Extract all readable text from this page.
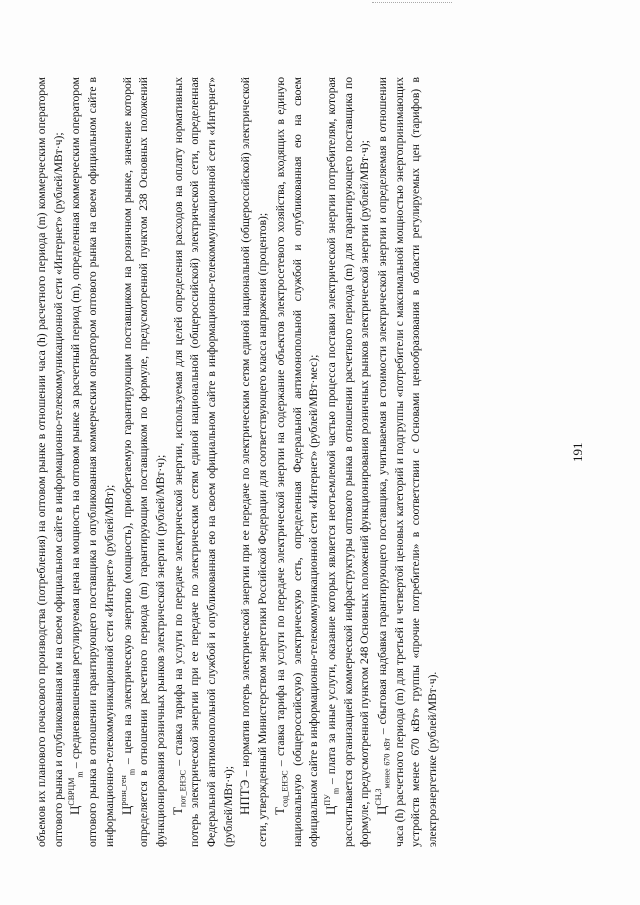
191

объемов их планового почасового производства (потребления) на оптовом рынке в отношении часа (h) расчетного периода (m) коммерческим оператором оптового рынка и опубликованная им на своем официальном сайте в информационно-телекоммуникационной сети «Интернет» (рублей/МВт·ч); $Ц^{СВРЦМ}_m$ – средневзвешенная регулируемая цена на мощность на оптовом рынке за расчетный период (m), определенная коммерческим оператором оптового рынка в отношении гарантирующего поставщика и опубликованная коммерческим оператором оптового рынка на своем официальном сайте в информационно-телекоммуникационной сети «Интернет» (рублей/МВт); $Ц^{розн\_ген}_m$ – цена на электрическую энергию (мощность), приобретаемую гарантирующим поставщиком на розничном рынке, значение которой определяется в отношении расчетного периода (m) гарантирующим поставщиком по формуле, предусмотренной пунктом 238 Основных положений функционирования розничных рынков электрической энергии (рублей/МВт·ч); $Т_{пот\_ЕНЭС}$ – ставка тарифа на услуги по передаче электрической энергии, используемая для целей определения расходов на оплату нормативных потерь электрической энергии при ее передаче по электрическим сетям единой национальной (общероссийской) электрической сети, определенная Федеральной антимонопольной службой и опубликованная ею на своем официальном сайте в информационно-телекоммуникационной сети «Интернет» (рублей/МВт·ч); НПТЭ – норматив потерь электрической энергии при ее передаче по электрическим сетям единой национальной (общероссийской) электрической сети, утвержденный Министерством энергетики Российской Федерации для соответствующего класса напряжения (процентов); $Т_{сод\_ЕНЭС}$ – ставка тарифа на услуги по передаче электрической энергии на содержание объектов электросетевого хозяйства, входящих в единую национальную (общероссийскую) электрическую сеть, определенная Федеральной антимонопольной службой и опубликованная ею на своем официальном сайте в информационно-телекоммуникационной сети «Интернет» (рублей/МВт·мес); $Ц^{ПУ}_m$ – плата за иные услуги, оказание которых является неотъемлемой частью процесса поставки электрической энергии потребителям, которая рассчитывается организацией коммерческой инфраструктуры оптового рынка в отношении расчетного периода (m) для гарантирующего поставщика по формуле, предусмотренной пунктом 248 Основных положений функционирования розничных рынков электрической энергии (рублей/МВт·ч); $Ц^{СН,З}_{менее 670 кВт}$ – сбытовая надбавка гарантирующего поставщика, учитываемая в стоимости электрической энергии и определяемая в отношении часа (h) расчетного периода (m) для третьей и четвертой ценовых категорий и подгруппы «потребители с максимальной мощностью энергопринимающих устройств менее 670 кВт» группы «прочие потребители» в соответствии с Основами ценообразования в области регулируемых цен (тарифов) в электроэнергетике (рублей/МВт·ч).
